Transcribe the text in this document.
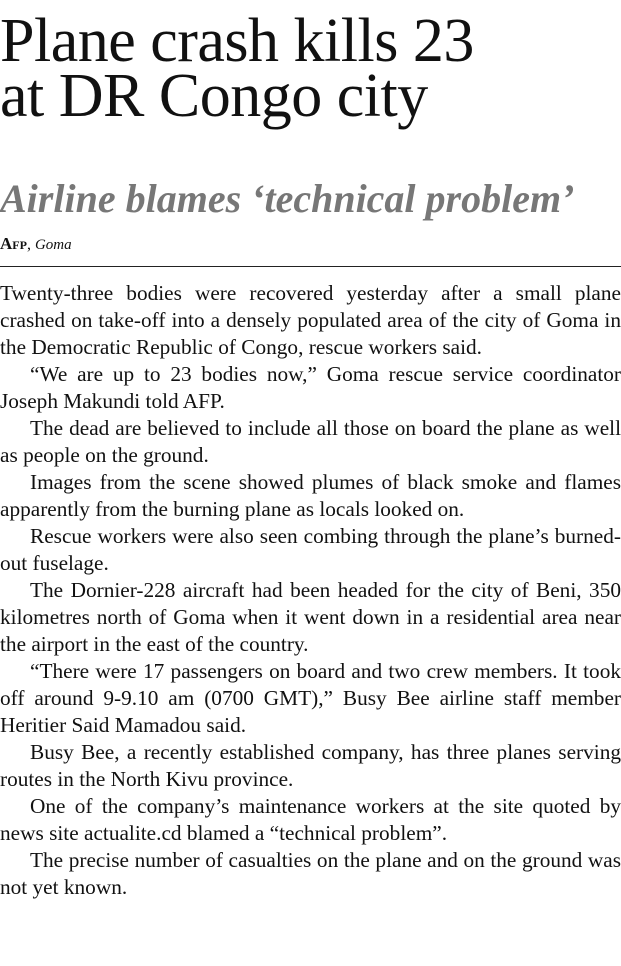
Plane crash kills 23
at DR Congo city
Airline blames ‘technical problem’
Afp, Goma

Twenty-three bodies were recovered yesterday after a small plane crashed on take-off into a densely populated area of the city of Goma in the Democratic Republic of Congo, rescue workers said.

“We are up to 23 bodies now,” Goma rescue service coordinator Joseph Makundi told AFP.

The dead are believed to include all those on board the plane as well as people on the ground.

Images from the scene showed plumes of black smoke and flames apparently from the burning plane as locals looked on.

Rescue workers were also seen combing through the plane’s burned-out fuselage.

The Dornier-228 aircraft had been headed for the city of Beni, 350 kilometres north of Goma when it went down in a residential area near the airport in the east of the country.

“There were 17 passengers on board and two crew members. It took off around 9-9.10 am (0700 GMT),” Busy Bee airline staff member Heritier Said Mamadou said.

Busy Bee, a recently established company, has three planes serving routes in the North Kivu province.

One of the company’s maintenance workers at the site quoted by news site actualite.cd blamed a “technical problem”.

The precise number of casualties on the plane and on the ground was not yet known.
